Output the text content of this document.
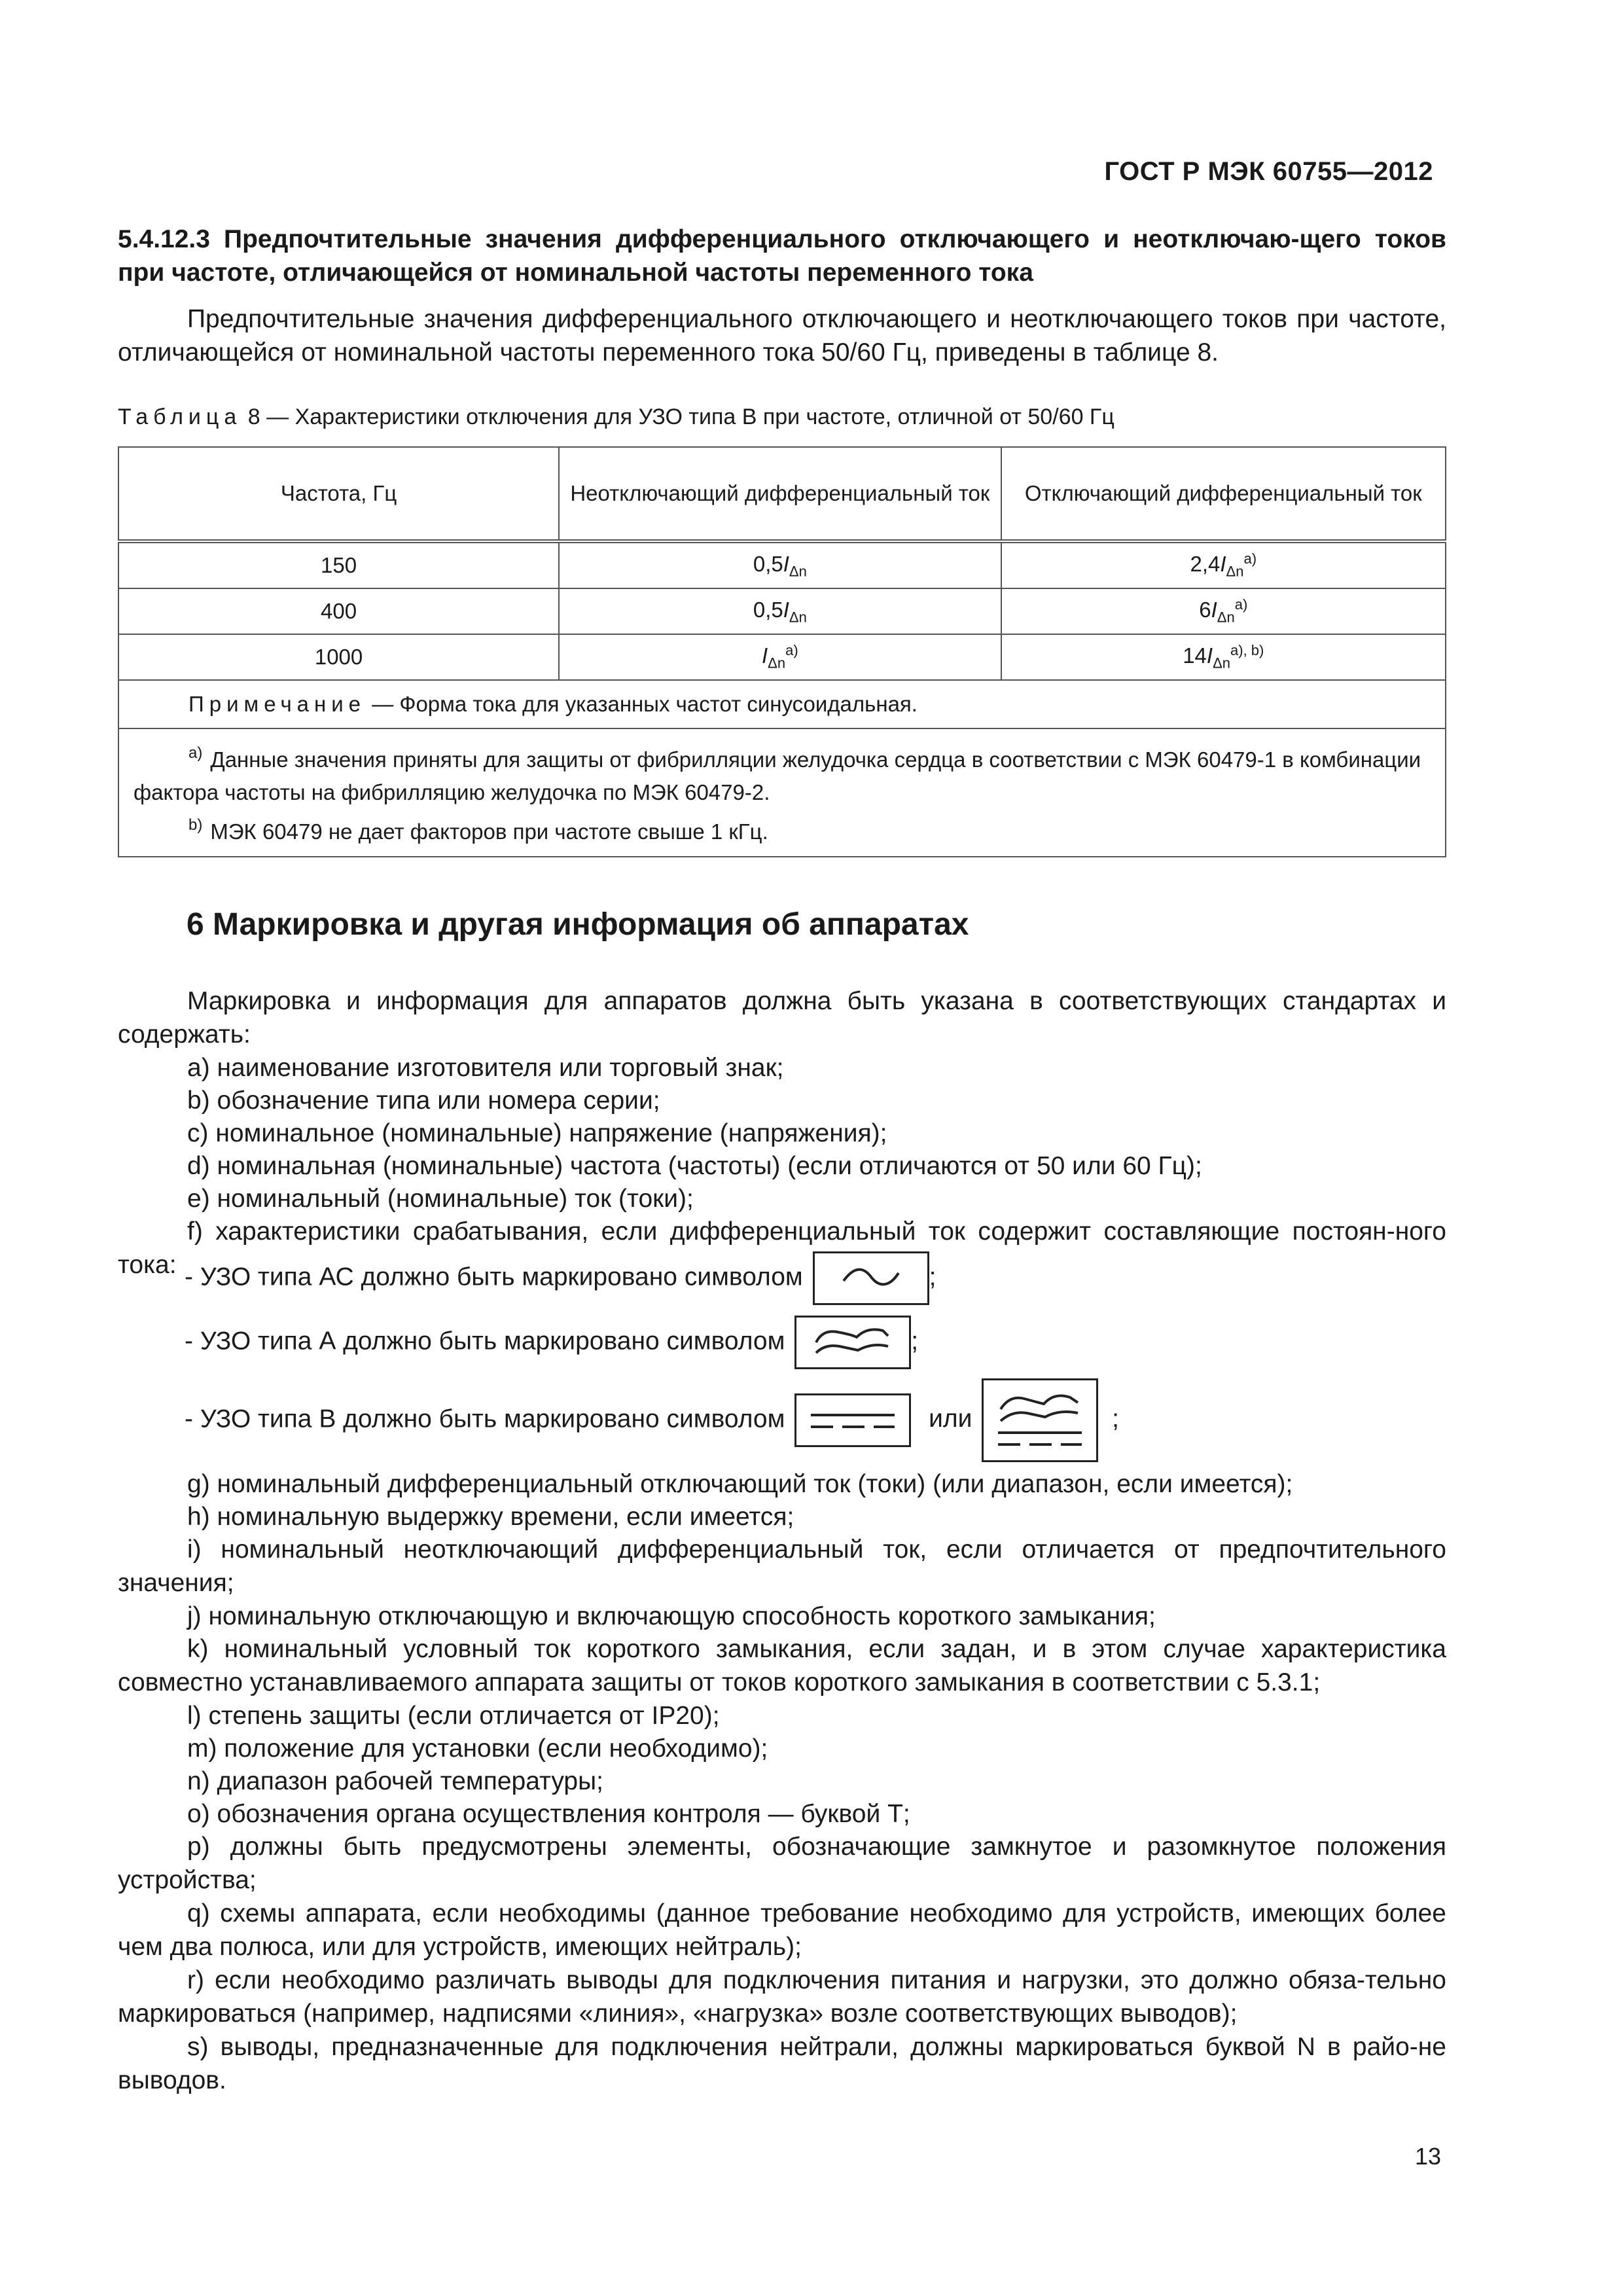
ГОСТ Р МЭК 60755—2012
5.4.12.3 Предпочтительные значения дифференциального отключающего и неотключаю-щего токов при частоте, отличающейся от номинальной частоты переменного тока
Предпочтительные значения дифференциального отключающего и неотключающего токов при частоте, отличающейся от номинальной частоты переменного тока 50/60 Гц, приведены в таблице 8.
Таблица 8 — Характеристики отключения для УЗО типа В при частоте, отличной от 50/60 Гц
Частота, Гц	Неотключающий дифференциальный ток	Отключающий дифференциальный ток
150	$0,5I_{\Delta n}$	$2,4I_{\Delta n}^{a)}$
400	$0,5I_{\Delta n}$	$6I_{\Delta n}^{a)}$
1000	$I_{\Delta n}^{a)}$	$14I_{\Delta n}^{a), b)}$
Примечание — Форма тока для указанных частот синусоидальная.		

$^{a)}$ Данные значения приняты для защиты от фибрилляции желудочка сердца в соответствии с МЭК 60479-1 в комбинации фактора частоты на фибрилляцию желудочка по МЭК 60479-2.
$^{b)}$ МЭК 60479 не дает факторов при частоте свыше 1 кГц.		
6 Маркировка и другая информация об аппаратах
Маркировка и информация для аппаратов должна быть указана в соответствующих стандартах и содержать:
a) наименование изготовителя или торговый знак;
b) обозначение типа или номера серии;
c) номинальное (номинальные) напряжение (напряжения);
d) номинальная (номинальные) частота (частоты) (если отличаются от 50 или 60 Гц);
e) номинальный (номинальные) ток (токи);
f) характеристики срабатывания, если дифференциальный ток содержит составляющие постоян-ного тока: - УЗО типа АС должно быть маркировано символом	;
- УЗО типа А должно быть маркировано символом	;
- УЗО типа В должно быть маркировано символом	или	;
g) номинальный дифференциальный отключающий ток (токи) (или диапазон, если имеется);
h) номинальную выдержку времени, если имеется;
i) номинальный неотключающий дифференциальный ток, если отличается от предпочтительного значения;
j) номинальную отключающую и включающую способность короткого замыкания;
k) номинальный условный ток короткого замыкания, если задан, и в этом случае характеристика совместно устанавливаемого аппарата защиты от токов короткого замыкания в соответствии с 5.3.1;
l) степень защиты (если отличается от IP20);
m) положение для установки (если необходимо);
n) диапазон рабочей температуры;
o) обозначения органа осуществления контроля — буквой Т;
p) должны быть предусмотрены элементы, обозначающие замкнутое и разомкнутое положения устройства;
q) схемы аппарата, если необходимы (данное требование необходимо для устройств, имеющих более чем два полюса, или для устройств, имеющих нейтраль);
r) если необходимо различать выводы для подключения питания и нагрузки, это должно обяза-тельно маркироваться (например, надписями «линия», «нагрузка» возле соответствующих выводов);
s) выводы, предназначенные для подключения нейтрали, должны маркироваться буквой N в райо-не выводов.
13
